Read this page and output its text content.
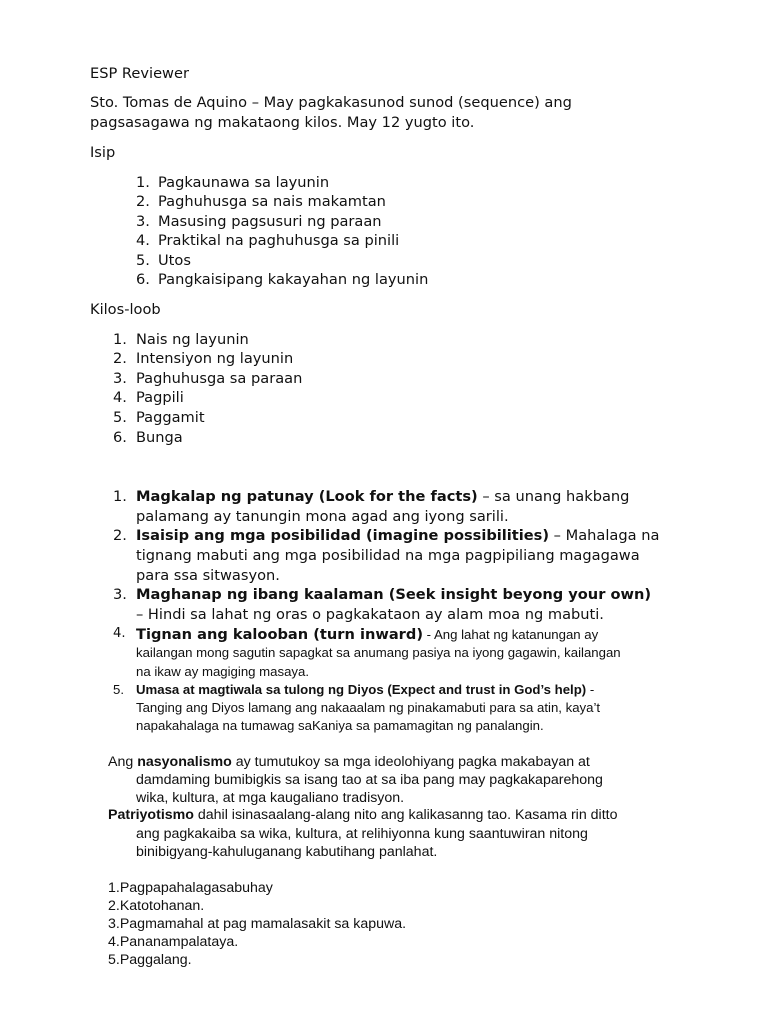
ESP Reviewer
Sto. Tomas de Aquino – May pagkakasunod sunod (sequence) ang
pagsasagawa ng makataong kilos. May 12 yugto ito.
Isip
1. Pagkaunawa sa layunin
2. Paghuhusga sa nais makamtan
3. Masusing pagsusuri ng paraan
4. Praktikal na paghuhusga sa pinili
5. Utos
6. Pangkaisipang kakayahan ng layunin
Kilos-loob
1. Nais ng layunin
2. Intensiyon ng layunin
3. Paghuhusga sa paraan
4. Pagpili
5. Paggamit
6. Bunga
1. Magkalap ng patunay (Look for the facts) – sa unang hakbang
palamang ay tanungin mona agad ang iyong sarili.
2. Isaisip ang mga posibilidad (imagine possibilities) – Mahalaga na
tignang mabuti ang mga posibilidad na mga pagpipiliang magagawa
para ssa sitwasyon.
3. Maghanap ng ibang kaalaman (Seek insight beyong your own)
– Hindi sa lahat ng oras o pagkakataon ay alam moa ng mabuti.
4. Tignan ang kalooban (turn inward) - Ang lahat ng katanungan ay
kailangan mong sagutin sapagkat sa anumang pasiya na iyong gagawin, kailangan
na ikaw ay magiging masaya.
5. Umasa at magtiwala sa tulong ng Diyos (Expect and trust in God’s help) -
Tanging ang Diyos lamang ang nakaaalam ng pinakamabuti para sa atin, kaya’t
napakahalaga na tumawag saKaniya sa pamamagitan ng panalangin.
Ang nasyonalismo ay tumutukoy sa mga ideolohiyang pagka makabayan at
damdaming bumibigkis sa isang tao at sa iba pang may pagkakaparehong
wika, kultura, at mga kaugaliano tradisyon.
Patriyotismo dahil isinasaalang-alang nito ang kalikasanng tao. Kasama rin ditto
ang pagkakaiba sa wika, kultura, at relihiyonna kung saantuwiran nitong
binibigyang-kahuluganang kabutihang panlahat.
1.Pagpapahalagasabuhay
2.Katotohanan.
3.Pagmamahal at pag mamalasakit sa kapuwa.
4.Pananampalataya.
5.Paggalang.
